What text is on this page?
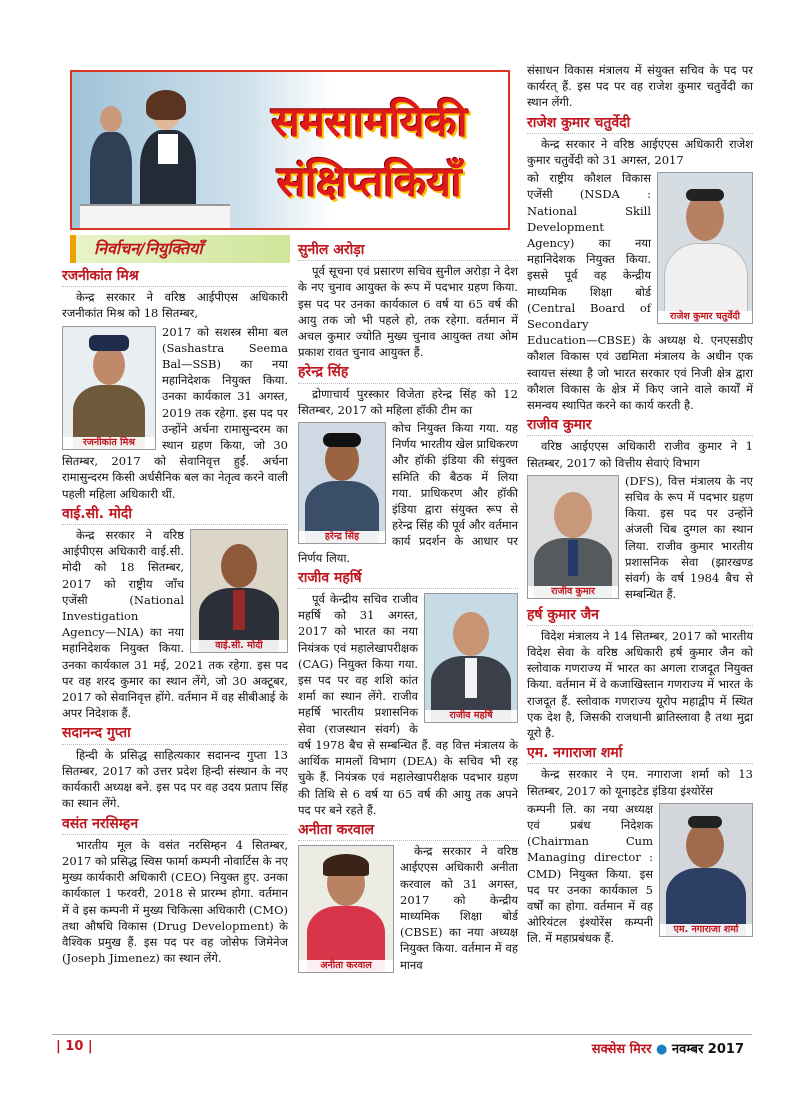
समसामयिकी
संक्षिप्तकियाँ
निर्वाचन/नियुक्तियाँ
रजनीकांत मिश्र

केन्द्र सरकार ने वरिष्ठ आईपीएस अधिकारी रजनीकांत मिश्र को 18 सितम्बर,

रजनीकांत मिश्र

2017 को सशस्त्र सीमा बल (Sashastra Seema Bal—SSB) का नया महानिदेशक नियुक्त किया. उनका कार्यकाल 31 अगस्त, 2019 तक रहेगा. इस पद पर उन्होंने अर्चना रामासुन्दरम का स्थान ग्रहण किया, जो 30 सितम्बर, 2017 को सेवानिवृत्त हुईं. अर्चना रामासुन्दरम किसी अर्धसैनिक बल का नेतृत्व करने वाली पहली महिला अधिकारी थीं.

वाई.सी. मोदी
वाई.सी. मोदी

केन्द्र सरकार ने वरिष्ठ आईपीएस अधिकारी वाई.सी. मोदी को 18 सितम्बर, 2017 को राष्ट्रीय जाँच एजेंसी (National Investigation Agency—NIA) का नया महानिदेशक नियुक्त किया. उनका कार्यकाल 31 मई, 2021 तक रहेगा. इस पद पर वह शरद कुमार का स्थान लेंगे, जो 30 अक्टूबर, 2017 को सेवानिवृत्त होंगे. वर्तमान में वह सीबीआई के अपर निदेशक हैं.

सदानन्द गुप्ता

हिन्दी के प्रसिद्ध साहित्यकार सदानन्द गुप्ता 13 सितम्बर, 2017 को उत्तर प्रदेश हिन्दी संस्थान के नए कार्यकारी अध्यक्ष बने. इस पद पर वह उदय प्रताप सिंह का स्थान लेंगे.

वसंत नरसिम्हन

भारतीय मूल के वसंत नरसिम्हन 4 सितम्बर, 2017 को प्रसिद्ध स्विस फार्मा कम्पनी नोवार्टिस के नए मुख्य कार्यकारी अधिकारी (CEO) नियुक्त हुए. उनका कार्यकाल 1 फरवरी, 2018 से प्रारम्भ होगा. वर्तमान में वे इस कम्पनी में मुख्य चिकित्सा अधिकारी (CMO) तथा औषधि विकास (Drug Development) के वैश्विक प्रमुख हैं. इस पद पर वह जोसेफ जिमेनेज (Joseph Jimenez) का स्थान लेंगे.

सुनील अरोड़ा

पूर्व सूचना एवं प्रसारण सचिव सुनील अरोड़ा ने देश के नए चुनाव आयुक्त के रूप में पदभार ग्रहण किया. इस पद पर उनका कार्यकाल 6 वर्ष या 65 वर्ष की आयु तक जो भी पहले हो, तक रहेगा. वर्तमान में अचल कुमार ज्योति मुख्य चुनाव आयुक्त तथा ओम प्रकाश रावत चुनाव आयुक्त हैं.

हरेन्द्र सिंह

द्रोणाचार्य पुरस्कार विजेता हरेन्द्र सिंह को 12 सितम्बर, 2017 को महिला हॉकी टीम का

हरेन्द्र सिंह

कोच नियुक्त किया गया. यह निर्णय भारतीय खेल प्राधिकरण और हॉकी इंडिया की संयुक्त समिति की बैठक में लिया गया. प्राधिकरण और हॉकी इंडिया द्वारा संयुक्त रूप से हरेन्द्र सिंह की पूर्व और वर्तमान कार्य प्रदर्शन के आधार पर निर्णय लिया.

राजीव महर्षि
राजीव महर्षि

पूर्व केन्द्रीय सचिव राजीव महर्षि को 31 अगस्त, 2017 को भारत का नया नियंत्रक एवं महालेखापरीक्षक (CAG) नियुक्त किया गया. इस पद पर वह शशि कांत शर्मा का स्थान लेंगे. राजीव महर्षि भारतीय प्रशासनिक सेवा (राजस्थान संवर्ग) के वर्ष 1978 बैच से सम्बन्धित हैं. वह वित्त मंत्रालय के आर्थिक मामलों विभाग (DEA) के सचिव भी रह चुके हैं. नियंत्रक एवं महालेखापरीक्षक पदभार ग्रहण की तिथि से 6 वर्ष या 65 वर्ष की आयु तक अपने पद पर बने रहते हैं.

अनीता करवाल
अनीता करवाल

केन्द्र सरकार ने वरिष्ठ आईएएस अधिकारी अनीता करवाल को 31 अगस्त, 2017 को केन्द्रीय माध्यमिक शिक्षा बोर्ड (CBSE) का नया अध्यक्ष नियुक्त किया. वर्तमान में वह मानव

संसाधन विकास मंत्रालय में संयुक्त सचिव के पद पर कार्यरत् हैं. इस पद पर वह राजेश कुमार चतुर्वेदी का स्थान लेंगी.

राजेश कुमार चतुर्वेदी

केन्द्र सरकार ने वरिष्ठ आईएएस अधिकारी राजेश कुमार चतुर्वेदी को 31 अगस्त, 2017

राजेश कुमार चतुर्वेदी

को राष्ट्रीय कौशल विकास एजेंसी (NSDA : National Skill Development Agency) का नया महानिदेशक नियुक्त किया. इससे पूर्व वह केन्द्रीय माध्यमिक शिक्षा बोर्ड (Central Board of Secondary Education—CBSE) के अध्यक्ष थे. एनएसडीए कौशल विकास एवं उद्यमिता मंत्रालय के अधीन एक स्वायत्त संस्था है जो भारत सरकार एवं निजी क्षेत्र द्वारा कौशल विकास के क्षेत्र में किए जाने वाले कार्यों में समन्वय स्थापित करने का कार्य करती है.

राजीव कुमार

वरिष्ठ आईएएस अधिकारी राजीव कुमार ने 1 सितम्बर, 2017 को वित्तीय सेवाएं विभाग

राजीव कुमार

(DFS), वित्त मंत्रालय के नए सचिव के रूप में पदभार ग्रहण किया. इस पद पर उन्होंने अंजली चिब दुग्गल का स्थान लिया. राजीव कुमार भारतीय प्रशासनिक सेवा (झारखण्ड संवर्ग) के वर्ष 1984 बैच से सम्बन्धित हैं.

हर्ष कुमार जैन

विदेश मंत्रालय ने 14 सितम्बर, 2017 को भारतीय विदेश सेवा के वरिष्ठ अधिकारी हर्ष कुमार जैन को स्लोवाक गणराज्य में भारत का अगला राजदूत नियुक्त किया. वर्तमान में वे कजाखिस्तान गणराज्य में भारत के राजदूत हैं. स्लोवाक गणराज्य यूरोप महाद्वीप में स्थित एक देश है, जिसकी राजधानी ब्रातिस्लावा है तथा मुद्रा यूरो है.

एम. नगाराजा शर्मा

केन्द्र सरकार ने एम. नगाराजा शर्मा को 13 सितम्बर, 2017 को यूनाइटेड इंडिया इंश्योरेंस

एम. नगाराजा शर्मा

कम्पनी लि. का नया अध्यक्ष एवं प्रबंध निदेशक (Chairman Cum Managing director : CMD) नियुक्त किया. इस पद पर उनका कार्यकाल 5 वर्षों का होगा. वर्तमान में वह ओरियंटल इंश्योरेंस कम्पनी लि. में महाप्रबंधक हैं.

| 10 |	सक्सेस मिरर ● नवम्बर 2017
